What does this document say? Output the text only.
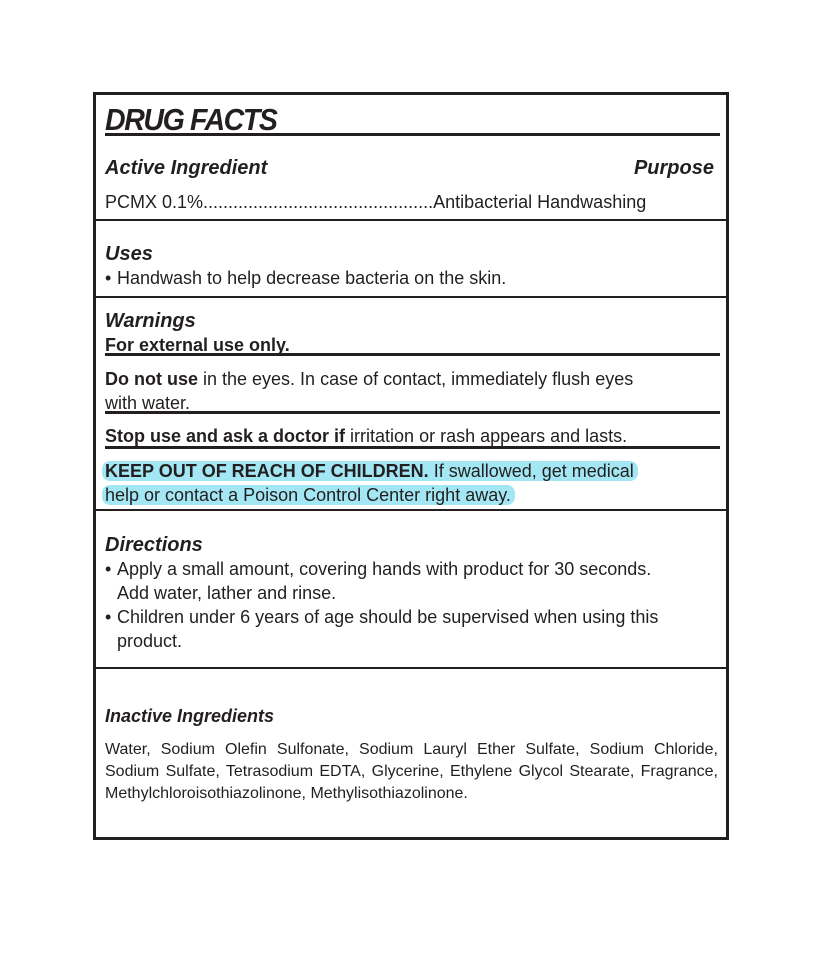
DRUG FACTS
Active Ingredient	Purpose
PCMX 0.1%..............................................Antibacterial Handwashing
Uses
• Handwash to help decrease bacteria on the skin.
Warnings
For external use only.
Do not use in the eyes. In case of contact, immediately flush eyes
with water.
Stop use and ask a doctor if irritation or rash appears and lasts.
KEEP OUT OF REACH OF CHILDREN. If swallowed, get medical
help or contact a Poison Control Center right away.
Directions
• Apply a small amount, covering hands with product for 30 seconds.
Add water, lather and rinse.
• Children under 6 years of age should be supervised when using this
product.
Inactive Ingredients
Water, Sodium Olefin Sulfonate, Sodium Lauryl Ether Sulfate, Sodium Chloride, Sodium Sulfate, Tetrasodium EDTA, Glycerine, Ethylene Glycol Stearate, Fragrance, Methylchloroisothiazolinone, Methylisothiazolinone.
